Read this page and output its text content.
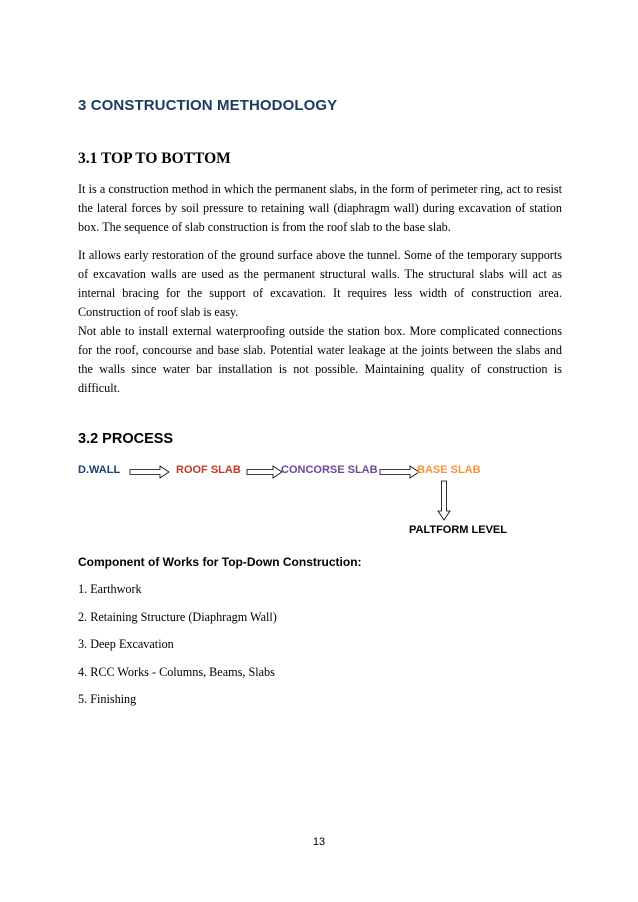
3 CONSTRUCTION METHODOLOGY
3.1 TOP TO BOTTOM

It is a construction method in which the permanent slabs, in the form of perimeter ring, act to resist the lateral forces by soil pressure to retaining wall (diaphragm wall) during excavation of station box. The sequence of slab construction is from the roof slab to the base slab.

It allows early restoration of the ground surface above the tunnel. Some of the temporary supports of excavation walls are used as the permanent structural walls. The structural slabs will act as internal bracing for the support of excavation. It requires less width of construction area. Construction of roof slab is easy.

Not able to install external waterproofing outside the station box. More complicated connections for the roof, concourse and base slab. Potential water leakage at the joints between the slabs and the walls since water bar installation is not possible. Maintaining quality of construction is difficult.

3.2 PROCESS
D.WALL	ROOF SLAB	CONCORSE SLAB	BASE SLAB
PALTFORM LEVEL
Component of Works for Top-Down Construction:
1. Earthwork
2. Retaining Structure (Diaphragm Wall)
3. Deep Excavation
4. RCC Works - Columns, Beams, Slabs
5. Finishing
13
